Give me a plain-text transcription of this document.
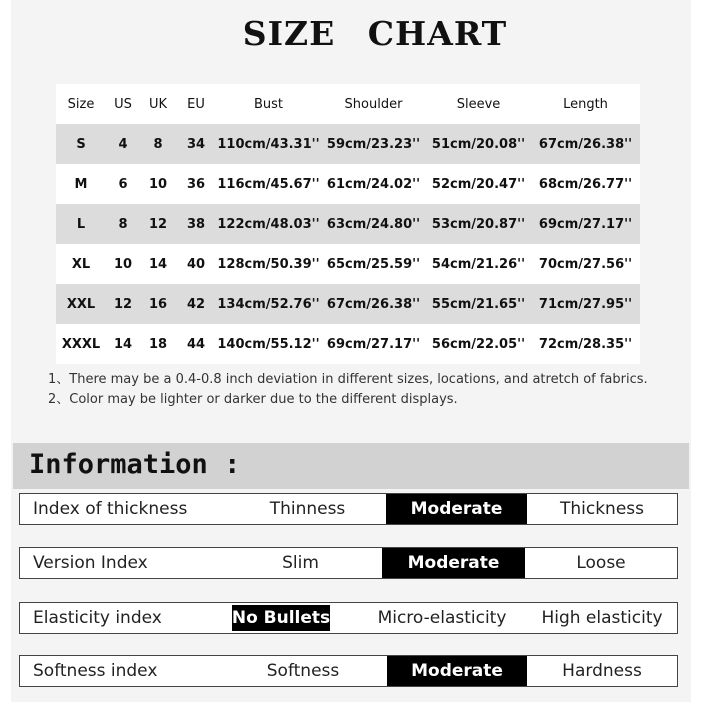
SIZE CHART
Size	US	UK	EU	Bust	Shoulder	Sleeve	Length
S	4	8	34	110cm/43.31''	59cm/23.23''	51cm/20.08''	67cm/26.38''
M	6	10	36	116cm/45.67''	61cm/24.02''	52cm/20.47''	68cm/26.77''
L	8	12	38	122cm/48.03''	63cm/24.80''	53cm/20.87''	69cm/27.17''
XL	10	14	40	128cm/50.39''	65cm/25.59''	54cm/21.26''	70cm/27.56''
XXL	12	16	42	134cm/52.76''	67cm/26.38''	55cm/21.65''	71cm/27.95''
XXXL	14	18	44	140cm/55.12''	69cm/27.17''	56cm/22.05''	72cm/28.35''
1、There may be a 0.4-0.8 inch deviation in different sizes, locations, and atretch of fabrics.
2、Color may be lighter or darker due to the different displays.
Information :
Index of thickness	Thinness	Moderate	Thickness
Version Index	Slim	Moderate	Loose
Elasticity index	No Bullets	Micro-elasticity	High elasticity
Softness index	Softness	Moderate	Hardness
